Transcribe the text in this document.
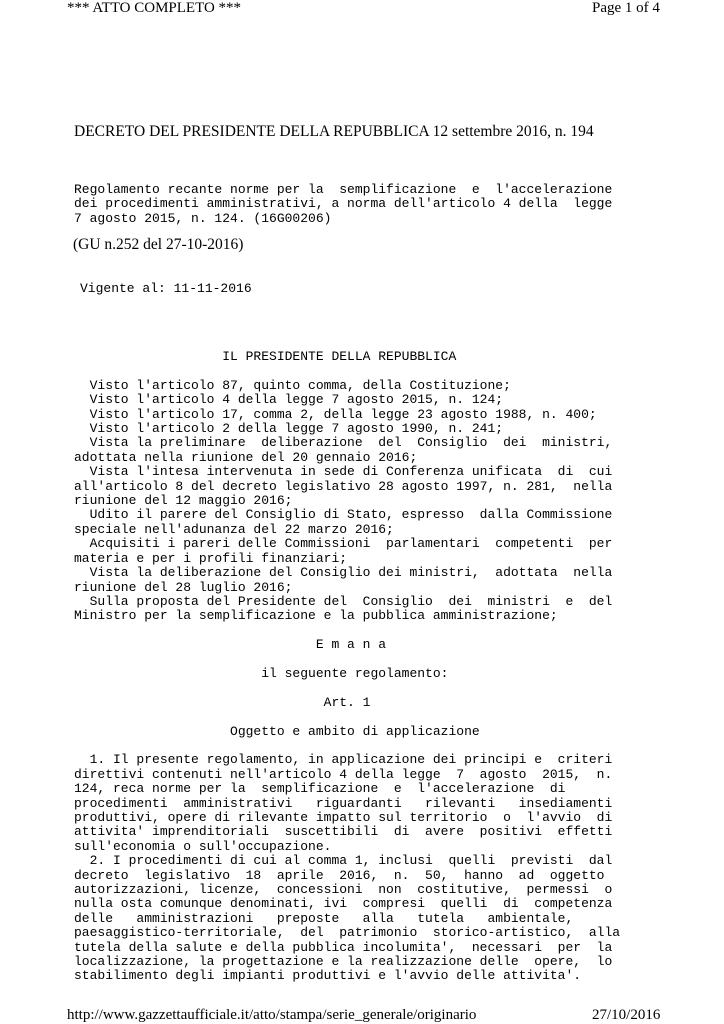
*** ATTO COMPLETO ***	Page 1 of 4
DECRETO DEL PRESIDENTE DELLA REPUBBLICA 12 settembre 2016, n. 194
Regolamento recante norme per la  semplificazione  e  l'accelerazione
dei procedimenti amministrativi, a norma dell'articolo 4 della  legge
7 agosto 2015, n. 124. (16G00206)
(GU n.252 del 27-10-2016)
Vigente al: 11-11-2016
IL PRESIDENTE DELLA REPUBBLICA

Visto l'articolo 87, quinto comma, della Costituzione;
Visto l'articolo 4 della legge 7 agosto 2015, n. 124;
Visto l'articolo 17, comma 2, della legge 23 agosto 1988, n. 400;
Visto l'articolo 2 della legge 7 agosto 1990, n. 241;
Vista la preliminare  deliberazione  del  Consiglio  dei  ministri,
adottata nella riunione del 20 gennaio 2016;
Vista l'intesa intervenuta in sede di Conferenza unificata  di  cui
all'articolo 8 del decreto legislativo 28 agosto 1997, n. 281,  nella
riunione del 12 maggio 2016;
Udito il parere del Consiglio di Stato, espresso  dalla Commissione
speciale nell'adunanza del 22 marzo 2016;
Acquisiti i pareri delle Commissioni  parlamentari  competenti  per
materia e per i profili finanziari;
Vista la deliberazione del Consiglio dei ministri,  adottata  nella
riunione del 28 luglio 2016;
Sulla proposta del Presidente del  Consiglio  dei  ministri  e  del
Ministro per la semplificazione e la pubblica amministrazione;

E m a n a

il seguente regolamento:

Art. 1

Oggetto e ambito di applicazione

1. Il presente regolamento, in applicazione dei principi e  criteri
direttivi contenuti nell'articolo 4 della legge  7  agosto  2015,  n.
124, reca norme per la  semplificazione  e  l'accelerazione  di
procedimenti  amministrativi   riguardanti   rilevanti   insediamenti
produttivi, opere di rilevante impatto sul territorio  o  l'avvio  di
attivita' imprenditoriali  suscettibili  di  avere  positivi  effetti
sull'economia o sull'occupazione.
2. I procedimenti di cui al comma 1, inclusi  quelli  previsti  dal
decreto  legislativo  18  aprile  2016,  n.  50,  hanno  ad  oggetto
autorizzazioni, licenze,  concessioni  non  costitutive,  permessi  o
nulla osta comunque denominati, ivi  compresi  quelli  di  competenza
delle   amministrazioni   preposte   alla   tutela   ambientale,
paesaggistico-territoriale,  del  patrimonio  storico-artistico,  alla
tutela della salute e della pubblica incolumita',  necessari  per  la
localizzazione, la progettazione e la realizzazione delle  opere,  lo
stabilimento degli impianti produttivi e l'avvio delle attivita'.
http://www.gazzettaufficiale.it/atto/stampa/serie_generale/originario	27/10/2016
